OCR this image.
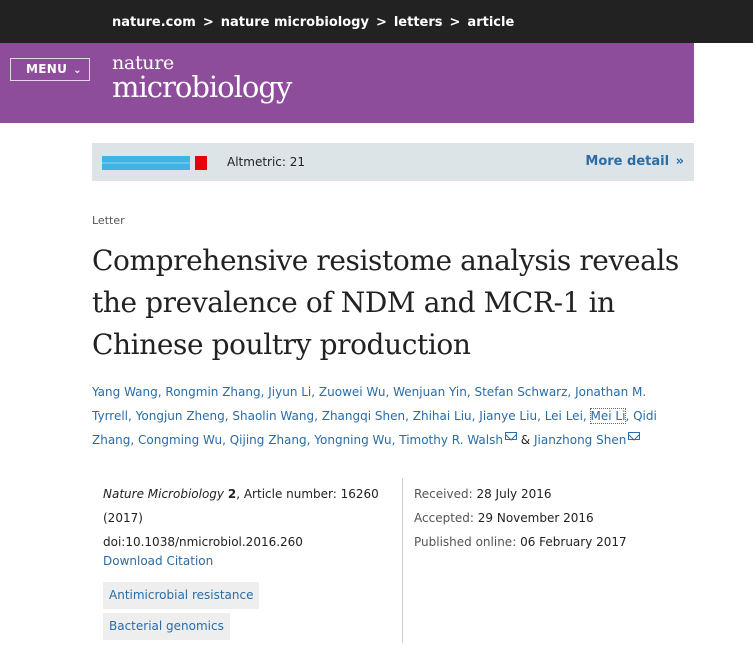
nature.com > nature microbiology > letters > article
MENU ⌄	nature
microbiology
Altmetric: 21	More detail »
Letter
Comprehensive resistome analysis reveals the prevalence of NDM and MCR-1 in Chinese poultry production
Yang Wang, Rongmin Zhang, Jiyun Li, Zuowei Wu, Wenjuan Yin, Stefan Schwarz, Jonathan M. Tyrrell, Yongjun Zheng, Shaolin Wang, Zhangqi Shen, Zhihai Liu, Jianye Liu, Lei Lei, Mei Li, Qidi Zhang, Congming Wu, Qijing Zhang, Yongning Wu, Timothy R. Walsh & Jianzhong Shen
Nature Microbiology 2, Article number: 16260 (2017)
doi:10.1038/nmicrobiol.2016.260
Download Citation
Antimicrobial resistance
Bacterial genomics
Received: 28 July 2016
Accepted: 29 November 2016
Published online: 06 February 2017
